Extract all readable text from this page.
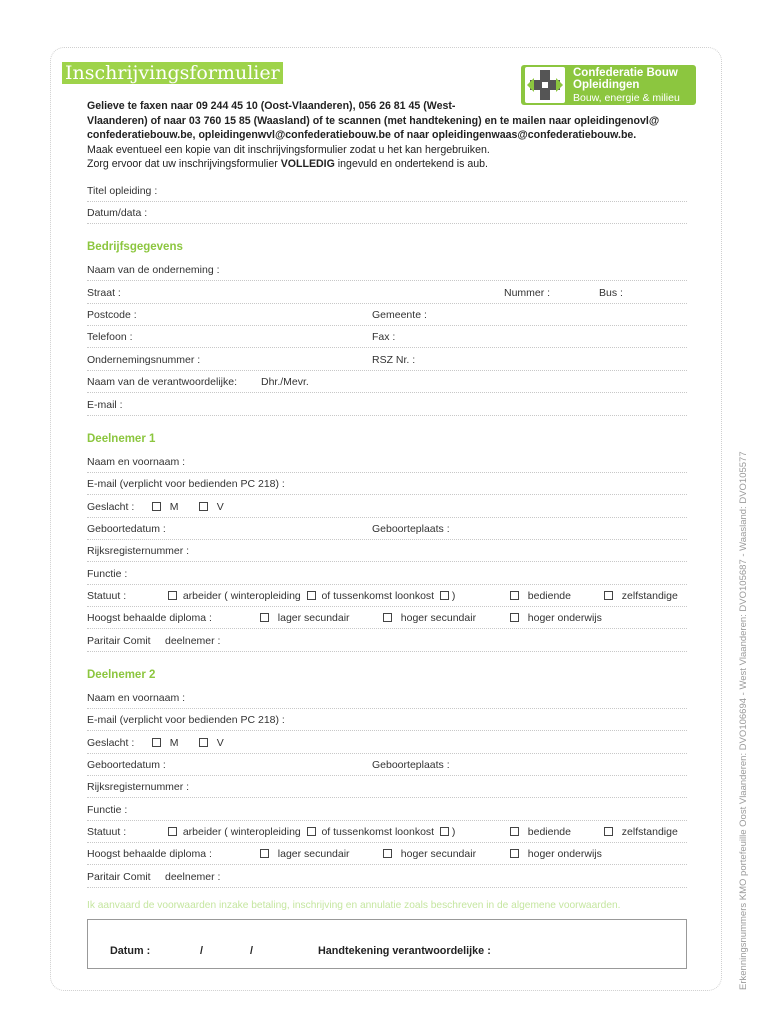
Inschrijvingsformulier	Confederatie Bouw
Opleidingen
Bouw, energie & milieu
Gelieve te faxen naar 09 244 45 10 (Oost-Vlaanderen), 056 26 81 45 (West-
Vlaanderen) of naar 03 760 15 85 (Waasland) of te scannen (met handtekening) en te mailen naar opleidingenovl@
confederatiebouw.be, opleidingenwvl@confederatiebouw.be of naar opleidingenwaas@confederatiebouw.be.
Maak eventueel een kopie van dit inschrijvingsformulier zodat u het kan hergebruiken.
Zorg ervoor dat uw inschrijvingsformulier VOLLEDIG ingevuld en ondertekend is aub.
Titel opleiding :
Datum/data :
Bedrijfsgegevens
Naam van de onderneming :
Straat :	Nummer :	Bus :
Postcode :	Gemeente :
Telefoon :	Fax :
Ondernemingsnummer :	RSZ Nr. :
Naam van de verantwoordelijke: Dhr./Mevr.
E-mail :
Deelnemer 1
Naam en voornaam :
E-mail (verplicht voor bedienden PC 218) :
Geslacht :	M	V
Geboortedatum :	Geboorteplaats :
Rijksregisternummer :
Functie :
Statuut :	arbeider ( winteropleiding of tussenkomst loonkost )	bediende	zelfstandige
Hoogst behaalde diploma :	lager secundair	hoger secundair	hoger onderwijs
Paritair Comit deelnemer :
Deelnemer 2
Naam en voornaam :
E-mail (verplicht voor bedienden PC 218) :
Geslacht :	M	V
Geboortedatum :	Geboorteplaats :
Rijksregisternummer :
Functie :
Statuut :	arbeider ( winteropleiding of tussenkomst loonkost )	bediende	zelfstandige
Hoogst behaalde diploma :	lager secundair	hoger secundair	hoger onderwijs
Paritair Comit deelnemer :
Ik aanvaard de voorwaarden inzake betaling, inschrijving en annulatie zoals beschreven in de algemene voorwaarden.
Datum :	/	/	Handtekening verantwoordelijke :	Erkenningsnummers KMO portefeuille Oost Vlaanderen: DVO106694 - West Vlaanderen: DVO105687 - Waasland: DVO105577
